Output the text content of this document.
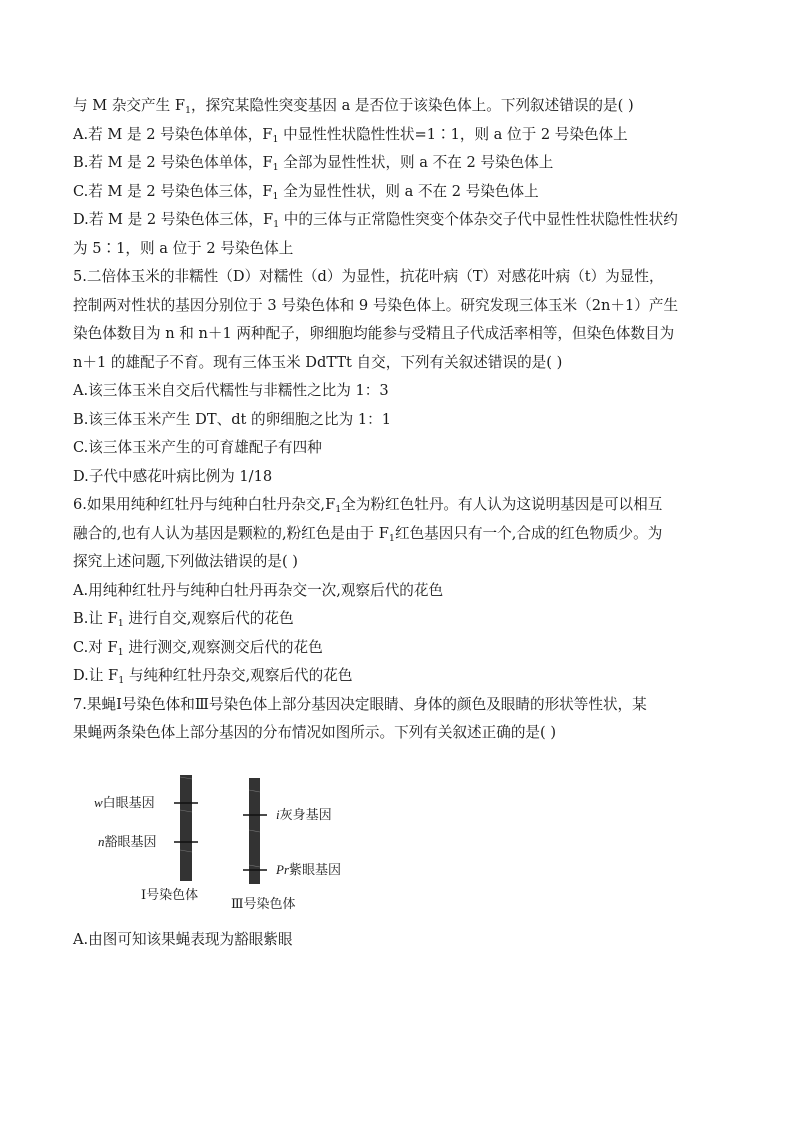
与 M 杂交产生 $F_1$，探究某隐性突变基因 a 是否位于该染色体上。下列叙述错误的是( )
A.若 M 是 2 号染色体单体，$F_1$ 中显性性状隐性性状=1∶1，则 a 位于 2 号染色体上
B.若 M 是 2 号染色体单体，$F_1$ 全部为显性性状，则 a 不在 2 号染色体上
C.若 M 是 2 号染色体三体，$F_1$ 全为显性性状，则 a 不在 2 号染色体上
D.若 M 是 2 号染色体三体，$F_1$ 中的三体与正常隐性突变个体杂交子代中显性性状隐性性状约
为 5∶1，则 a 位于 2 号染色体上
5.二倍体玉米的非糯性（D）对糯性（d）为显性，抗花叶病（T）对感花叶病（t）为显性，
控制两对性状的基因分别位于 3 号染色体和 9 号染色体上。研究发现三体玉米（2n＋1）产生
染色体数目为 n 和 n＋1 两种配子，卵细胞均能参与受精且子代成活率相等，但染色体数目为
n＋1 的雄配子不育。现有三体玉米 DdTTt 自交，下列有关叙述错误的是( )
A.该三体玉米自交后代糯性与非糯性之比为 1：3
B.该三体玉米产生 DT、dt 的卵细胞之比为 1：1
C.该三体玉米产生的可育雄配子有四种
D.子代中感花叶病比例为 1/18
6.如果用纯种红牡丹与纯种白牡丹杂交$,F_1$全为粉红色牡丹。有人认为这说明基因是可以相互
融合的,也有人认为基因是颗粒的,粉红色是由于 $F_1$红色基因只有一个,合成的红色物质少。为
探究上述问题,下列做法错误的是( )
A.用纯种红牡丹与纯种白牡丹再杂交一次,观察后代的花色
B.让 $F_1$ 进行自交,观察后代的花色
C.对 $F_1$ 进行测交,观察测交后代的花色
D.让 $F_1$ 与纯种红牡丹杂交,观察后代的花色
7.果蝇Ⅰ号染色体和Ⅲ号染色体上部分基因决定眼睛、身体的颜色及眼睛的形状等性状，某
果蝇两条染色体上部分基因的分布情况如图所示。下列有关叙述正确的是( )
w白眼基因
n豁眼基因
i灰身基因
Pr紫眼基因
Ⅰ号染色体
Ⅲ号染色体
A.由图可知该果蝇表现为豁眼紫眼
